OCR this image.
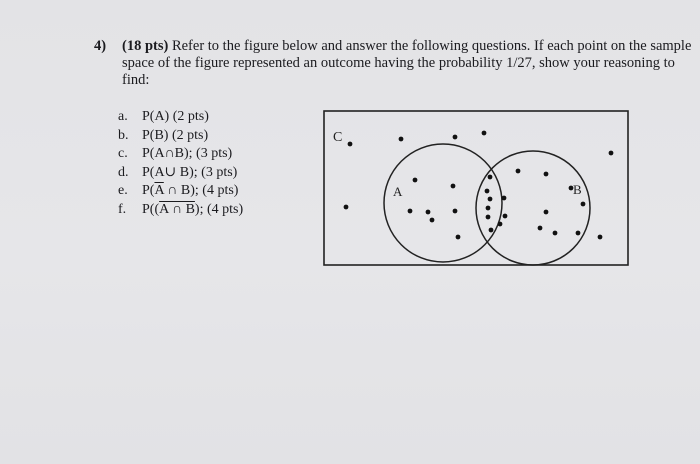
4) (18 pts) Refer to the figure below and answer the following questions. If each point on the sample space of the figure represented an outcome having the probability 1/27, show your reasoning to find:
a. P(A) (2 pts)
b. P(B) (2 pts)
c. P(A∩B); (3 pts)
d. P(A∪ B); (3 pts)
e. $P(\overline{A}$ ∩ B); (4 pts)
f. P((A ∩ B); (4 pts)
C
A	B
